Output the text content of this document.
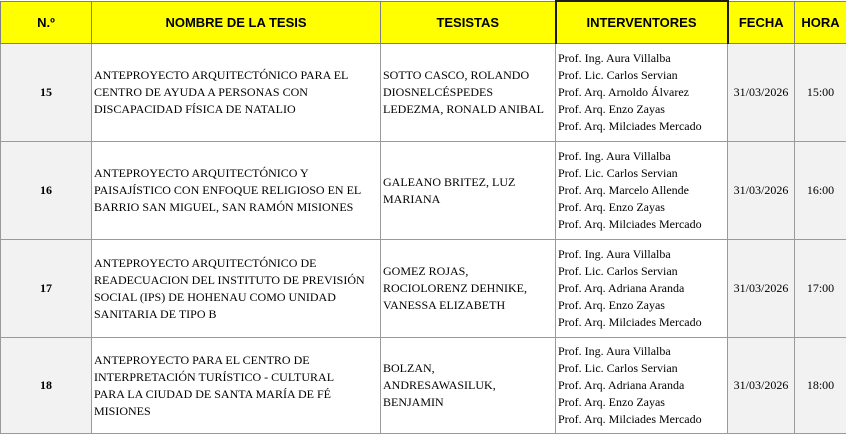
N.º	NOMBRE DE LA TESIS	TESISTAS	INTERVENTORES	FECHA	HORA
15	ANTEPROYECTO ARQUITECTÓNICO PARA EL
CENTRO DE AYUDA A PERSONAS CON
DISCAPACIDAD FÍSICA DE NATALIO	SOTTO CASCO, ROLANDO
DIOSNELCÉSPEDES
LEDEZMA, RONALD ANIBAL	Prof. Ing. Aura Villalba
Prof. Lic. Carlos Servian
Prof. Arq. Arnoldo Álvarez
Prof. Arq. Enzo Zayas
Prof. Arq. Milciades Mercado	31/03/2026	15:00
16	ANTEPROYECTO ARQUITECTÓNICO Y
PAISAJÍSTICO CON ENFOQUE RELIGIOSO EN EL
BARRIO SAN MIGUEL, SAN RAMÓN MISIONES	GALEANO BRITEZ, LUZ
MARIANA	Prof. Ing. Aura Villalba
Prof. Lic. Carlos Servian
Prof. Arq. Marcelo Allende
Prof. Arq. Enzo Zayas
Prof. Arq. Milciades Mercado	31/03/2026	16:00
17	ANTEPROYECTO ARQUITECTÓNICO DE
READECUACION DEL INSTITUTO DE PREVISIÓN
SOCIAL (IPS) DE HOHENAU COMO UNIDAD
SANITARIA DE TIPO B	GOMEZ ROJAS,
ROCIOLORENZ DEHNIKE,
VANESSA ELIZABETH	Prof. Ing. Aura Villalba
Prof. Lic. Carlos Servian
Prof. Arq. Adriana Aranda
Prof. Arq. Enzo Zayas
Prof. Arq. Milciades Mercado	31/03/2026	17:00
18	ANTEPROYECTO PARA EL CENTRO DE
INTERPRETACIÓN TURÍSTICO - CULTURAL
PARA LA CIUDAD DE SANTA MARÍA DE FÉ
MISIONES	BOLZAN,
ANDRESAWASILUK,
BENJAMIN	Prof. Ing. Aura Villalba
Prof. Lic. Carlos Servian
Prof. Arq. Adriana Aranda
Prof. Arq. Enzo Zayas
Prof. Arq. Milciades Mercado	31/03/2026	18:00
